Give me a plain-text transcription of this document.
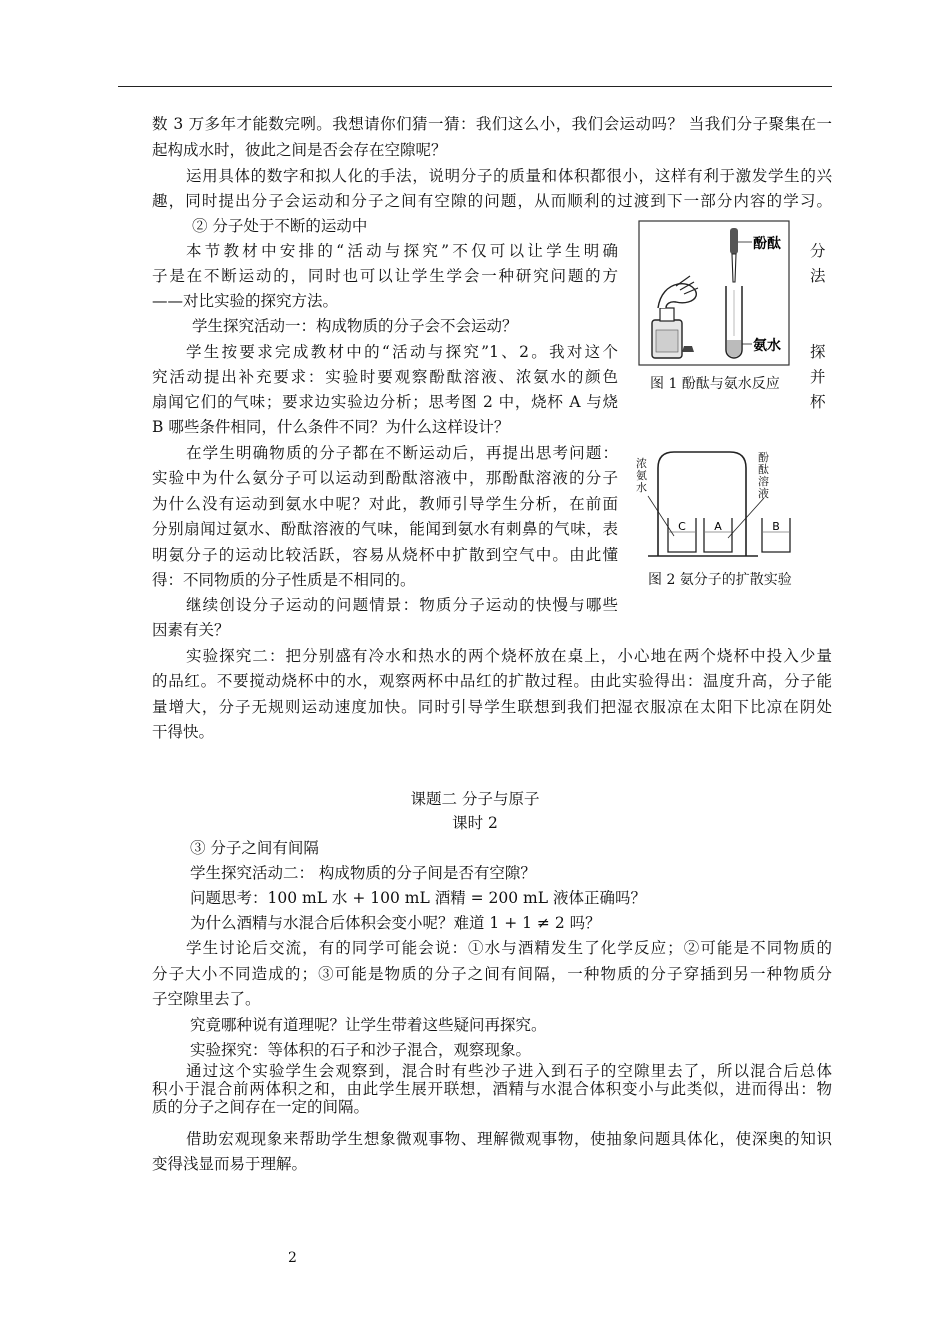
数 3 万多年才能数完咧。我想请你们猜一猜：我们这么小，我们会运动吗？ 当我们分子聚集在一
起构成水时，彼此之间是否会存在空隙呢？
运用具体的数字和拟人化的手法，说明分子的质量和体积都很小，这样有利于激发学生的兴
趣，同时提出分子会运动和分子之间有空隙的问题，从而顺利的过渡到下一部分内容的学习。
② 分子处于不断的运动中
本节教材中安排的“活动与探究”不仅可以让学生明确
子是在不断运动的，同时也可以让学生学会一种研究问题的方
——对比实验的探究方法。
学生探究活动一：构成物质的分子会不会运动？
学生按要求完成教材中的“活动与探究”1、2。我对这个
究活动提出补充要求：实验时要观察酚酞溶液、浓氨水的颜色
扇闻它们的气味；要求边实验边分析；思考图 2 中，烧杯 A 与烧
B 哪些条件相同，什么条件不同？为什么这样设计？
在学生明确物质的分子都在不断运动后，再提出思考问题：
实验中为什么氨分子可以运动到酚酞溶液中，那酚酞溶液的分子
为什么没有运动到氨水中呢？对此，教师引导学生分析，在前面
分别扇闻过氨水、酚酞溶液的气味，能闻到氨水有刺鼻的气味，表
明氨分子的运动比较活跃，容易从烧杯中扩散到空气中。由此懂
得：不同物质的分子性质是不相同的。
继续创设分子运动的问题情景：物质分子运动的快慢与哪些
因素有关？
实验探究二：把分别盛有冷水和热水的两个烧杯放在桌上，小心地在两个烧杯中投入少量
的品红。不要搅动烧杯中的水，观察两杯中品红的扩散过程。由此实验得出：温度升高，分子能
量增大，分子无规则运动速度加快。同时引导学生联想到我们把湿衣服凉在太阳下比凉在阴处
干得快。
分
法
探
并
杯
酚酞
氨水
图 1 酚酞与氨水反应
C	A	B
浓氨水
酚酞溶液
图 2 氨分子的扩散实验
课题二 分子与原子
课时 2
③ 分子之间有间隔
学生探究活动二： 构成物质的分子间是否有空隙？
问题思考：100 mL 水 + 100 mL 酒精 = 200 mL 液体正确吗？
为什么酒精与水混合后体积会变小呢？难道 1 + 1 ≠ 2 吗？
学生讨论后交流，有的同学可能会说：①水与酒精发生了化学反应；②可能是不同物质的
分子大小不同造成的；③可能是物质的分子之间有间隔，一种物质的分子穿插到另一种物质分
子空隙里去了。
究竟哪种说有道理呢？让学生带着这些疑问再探究。
实验探究：等体积的石子和沙子混合，观察现象。
通过这个实验学生会观察到，混合时有些沙子进入到石子的空隙里去了，所以混合后总体
积小于混合前两体积之和，由此学生展开联想，酒精与水混合体积变小与此类似，进而得出：物
质的分子之间存在一定的间隔。
借助宏观现象来帮助学生想象微观事物、理解微观事物，使抽象问题具体化，使深奥的知识
变得浅显而易于理解。
2
